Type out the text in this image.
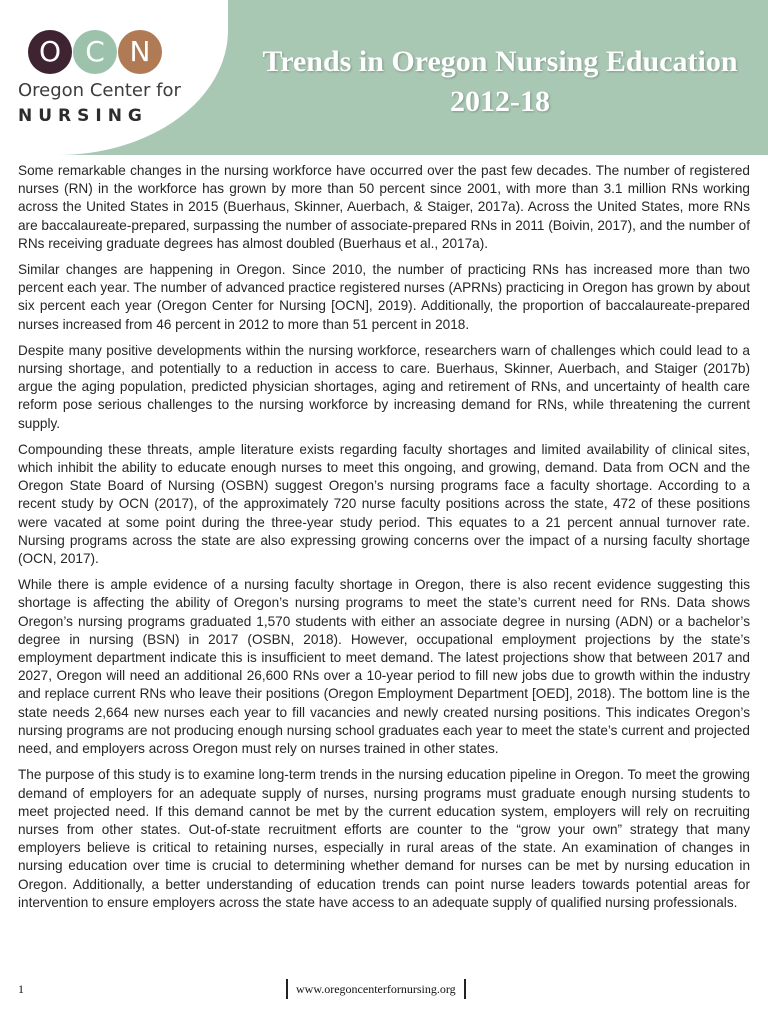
O C N
Oregon Center for
NURSING
Trends in Oregon Nursing Education
2012-18

Some remarkable changes in the nursing workforce have occurred over the past few decades. The number of registered nurses (RN) in the workforce has grown by more than 50 percent since 2001, with more than 3.1 million RNs working across the United States in 2015 (Buerhaus, Skinner, Auerbach, & Staiger, 2017a). Across the United States, more RNs are baccalaureate-prepared, surpassing the number of associate-prepared RNs in 2011 (Boivin, 2017), and the number of RNs receiving graduate degrees has almost doubled (Buerhaus et al., 2017a).

Similar changes are happening in Oregon. Since 2010, the number of practicing RNs has increased more than two percent each year. The number of advanced practice registered nurses (APRNs) practicing in Oregon has grown by about six percent each year (Oregon Center for Nursing [OCN], 2019). Additionally, the proportion of baccalaureate-prepared nurses increased from 46 percent in 2012 to more than 51 percent in 2018.

Despite many positive developments within the nursing workforce, researchers warn of challenges which could lead to a nursing shortage, and potentially to a reduction in access to care. Buerhaus, Skinner, Auerbach, and Staiger (2017b) argue the aging population, predicted physician shortages, aging and retirement of RNs, and uncertainty of health care reform pose serious challenges to the nursing workforce by increasing demand for RNs, while threatening the current supply.

Compounding these threats, ample literature exists regarding faculty shortages and limited availability of clinical sites, which inhibit the ability to educate enough nurses to meet this ongoing, and growing, demand. Data from OCN and the Oregon State Board of Nursing (OSBN) suggest Oregon’s nursing programs face a faculty shortage. According to a recent study by OCN (2017), of the approximately 720 nurse faculty positions across the state, 472 of these positions were vacated at some point during the three-year study period. This equates to a 21 percent annual turnover rate. Nursing programs across the state are also expressing growing concerns over the impact of a nursing faculty shortage (OCN, 2017).

While there is ample evidence of a nursing faculty shortage in Oregon, there is also recent evidence suggesting this shortage is affecting the ability of Oregon’s nursing programs to meet the state’s current need for RNs. Data shows Oregon’s nursing programs graduated 1,570 students with either an associate degree in nursing (ADN) or a bachelor’s degree in nursing (BSN) in 2017 (OSBN, 2018). However, occupational employment projections by the state’s employment department indicate this is insufficient to meet demand. The latest projections show that between 2017 and 2027, Oregon will need an additional 26,600 RNs over a 10-year period to fill new jobs due to growth within the industry and replace current RNs who leave their positions (Oregon Employment Department [OED], 2018). The bottom line is the state needs 2,664 new nurses each year to fill vacancies and newly created nursing positions. This indicates Oregon’s nursing programs are not producing enough nursing school graduates each year to meet the state’s current and projected need, and employers across Oregon must rely on nurses trained in other states.

The purpose of this study is to examine long-term trends in the nursing education pipeline in Oregon. To meet the growing demand of employers for an adequate supply of nurses, nursing programs must graduate enough nursing students to meet projected need. If this demand cannot be met by the current education system, employers will rely on recruiting nurses from other states. Out-of-state recruitment efforts are counter to the “grow your own” strategy that many employers believe is critical to retaining nurses, especially in rural areas of the state. An examination of changes in nursing education over time is crucial to determining whether demand for nurses can be met by nursing education in Oregon. Additionally, a better understanding of education trends can point nurse leaders towards potential areas for intervention to ensure employers across the state have access to an adequate supply of qualified nursing professionals.

1	www.oregoncenterfornursing.org
